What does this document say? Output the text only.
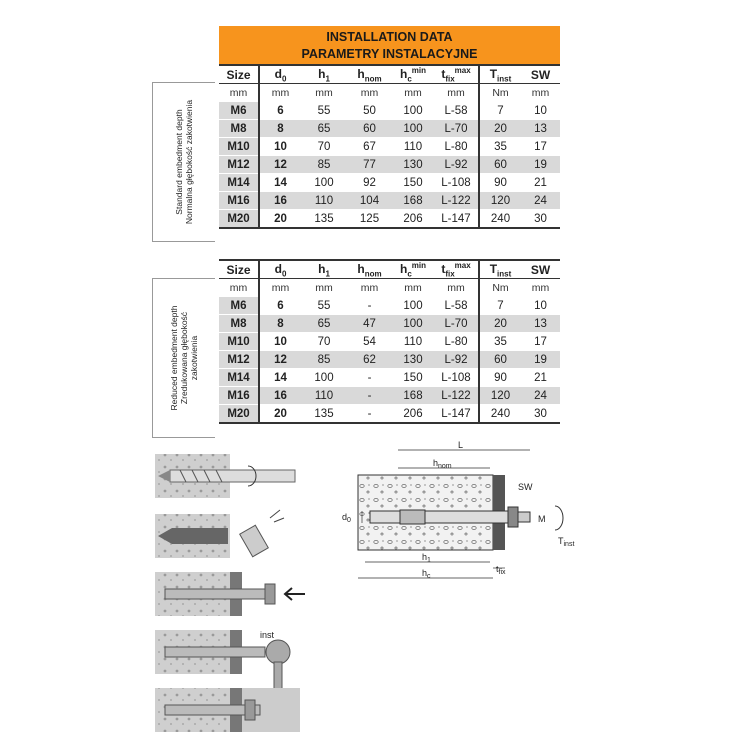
INSTALLATION DATA
PARAMETRY INSTALACYJNE
Standard embedment depth
Normalna głębokość zakotwienia
Size	$d_0$	$h_1$	$h_{nom}$	$h_c^{min}$	$t_{fix}^{max}$	$T_{inst}$	SW
mm	mm	mm	mm	mm	mm	Nm	mm
M6	6	55	50	100	L-58	7	10
M8	8	65	60	100	L-70	20	13
M10	10	70	67	110	L-80	35	17
M12	12	85	77	130	L-92	60	19
M14	14	100	92	150	L-108	90	21
M16	16	110	104	168	L-122	120	24
M20	20	135	125	206	L-147	240	30
Reduced embedment depth
Zredukowana głębokość
zakotwienia
Size	$d_0$	$h_1$	$h_{nom}$	$h_c^{min}$	$t_{fix}^{max}$	$T_{inst}$	SW
mm	mm	mm	mm	mm	mm	Nm	mm
M6	6	55	-	100	L-58	7	10
M8	8	65	47	100	L-70	20	13
M10	10	70	54	110	L-80	35	17
M12	12	85	62	130	L-92	60	19
M14	14	100	-	150	L-108	90	21
M16	16	110	-	168	L-122	120	24
M20	20	135	-	206	L-147	240	30
inst
L
$h_{nom}$
$d_0$
$h_1$
$h_c$
$t_{fix}$
SW
M
$T_{inst}$
